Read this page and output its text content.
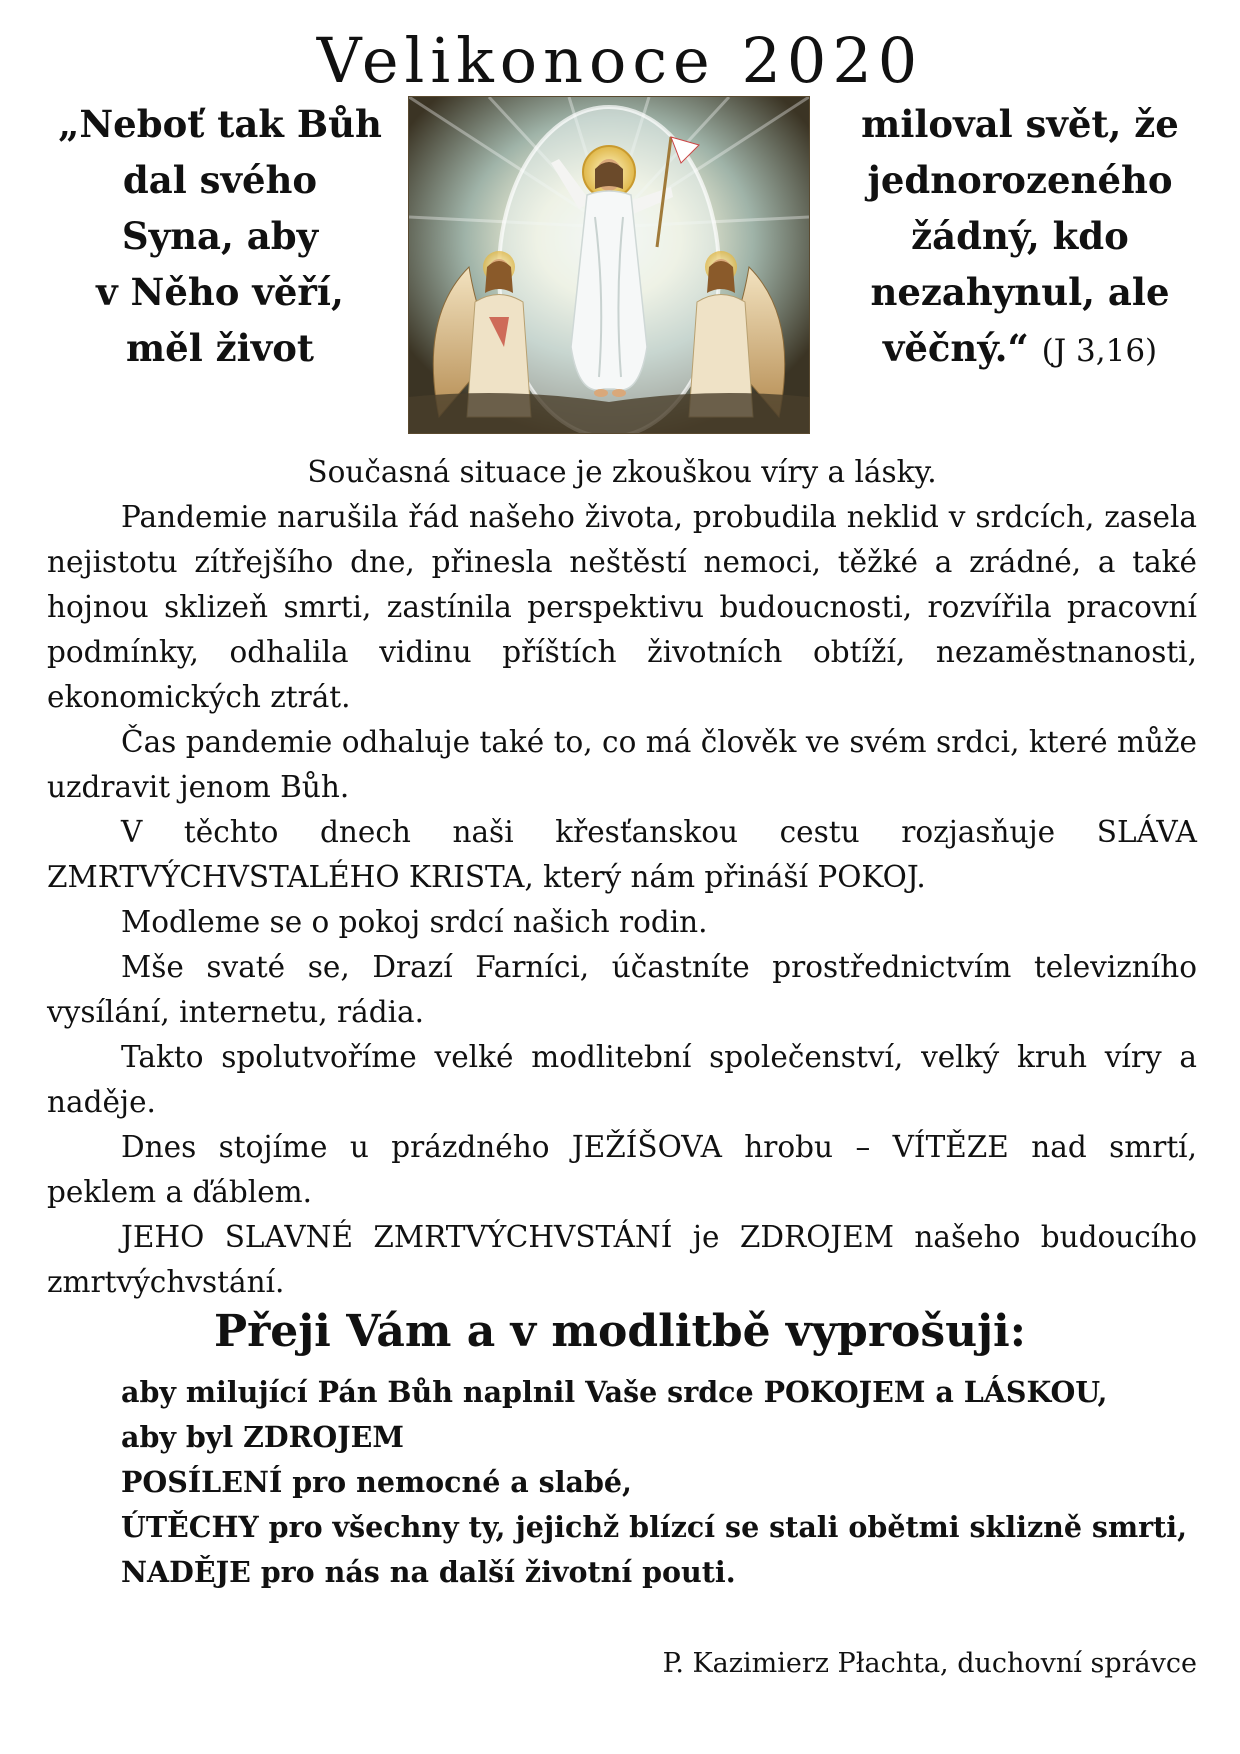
Velikonoce 2020
„Neboť tak Bůh
dal svého
Syna, aby
v Něho věří,
měl život
miloval svět, že
jednorozeného
žádný, kdo
nezahynul, ale
věčný.“ (J 3,16)
Současná situace je zkouškou víry a lásky.

Pandemie narušila řád našeho života, probudila neklid v srdcích, zasela nejistotu zítřejšího dne, přinesla neštěstí nemoci, těžké a zrádné, a také hojnou sklizeň smrti, zastínila perspektivu budoucnosti, rozvířila pracovní podmínky, odhalila vidinu příštích životních obtíží, nezaměstnanosti, ekonomických ztrát.

Čas pandemie odhaluje také to, co má člověk ve svém srdci, které může uzdravit jenom Bůh.

V těchto dnech naši křesťanskou cestu rozjasňuje SLÁVA ZMRTVÝCHVSTALÉHO KRISTA, který nám přináší POKOJ.

Modleme se o pokoj srdcí našich rodin.

Mše svaté se, Drazí Farníci, účastníte prostřednictvím televizního vysílání, internetu, rádia.

Takto spolutvoříme velké modlitební společenství, velký kruh víry a naděje.

Dnes stojíme u prázdného JEŽÍŠOVA hrobu – VÍTĚZE nad smrtí, peklem a ďáblem.

JEHO SLAVNÉ ZMRTVÝCHVSTÁNÍ je ZDROJEM našeho budoucího zmrtvýchvstání.

Přeji Vám a v modlitbě vyprošuji:

aby milující Pán Bůh naplnil Vaše srdce POKOJEM a LÁSKOU,

aby byl ZDROJEM

POSÍLENÍ pro nemocné a slabé,

ÚTĚCHY pro všechny ty, jejichž blízcí se stali obětmi sklizně smrti,

NADĚJE pro nás na další životní pouti.

P. Kazimierz Płachta, duchovní správce
